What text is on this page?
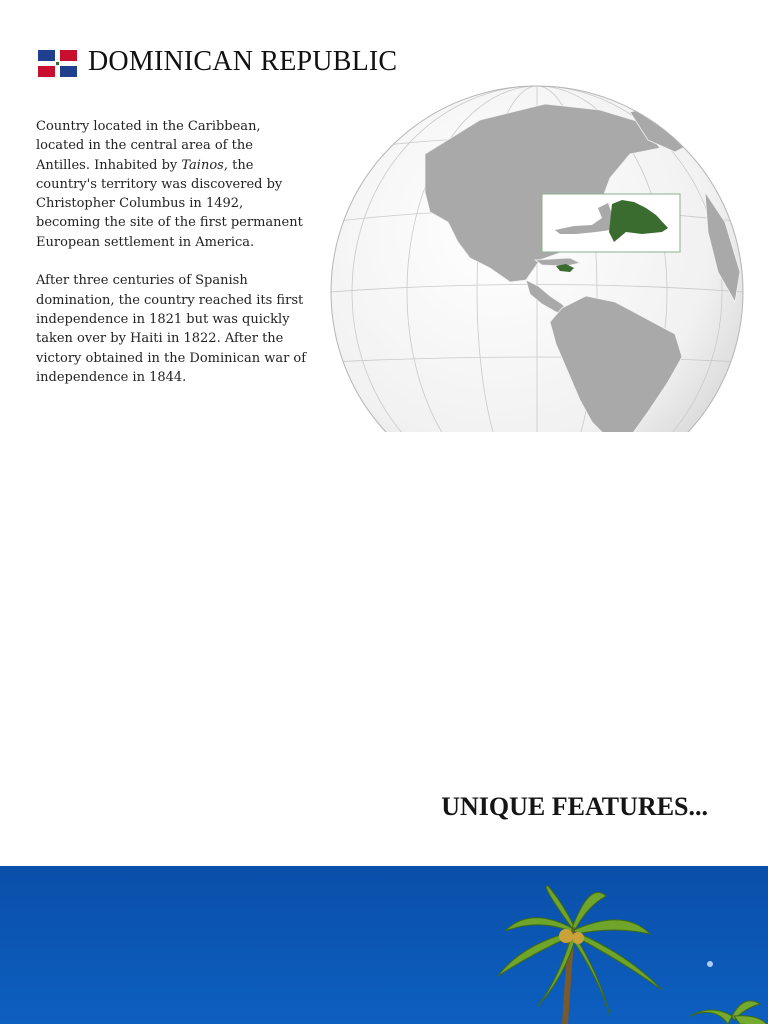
DOMINICAN REPUBLIC

Country located in the Caribbean, located in the central area of the Antilles. Inhabited by Tainos, the country's territory was discovered by Christopher Columbus in 1492, becoming the site of the first permanent European settlement in America.

After three centuries of Spanish domination, the country reached its first independence in 1821 but was quickly taken over by Haiti in 1822. After the victory obtained in the Dominican war of independence in 1844.

UNIQUE FEATURES...
